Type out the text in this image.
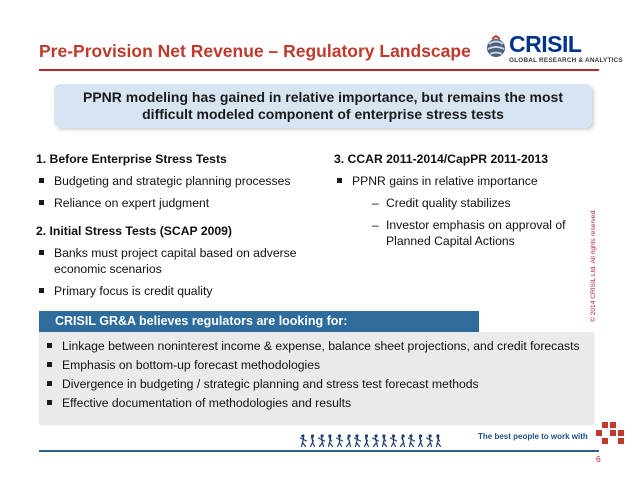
Pre-Provision Net Revenue – Regulatory Landscape CRISIL
GLOBAL RESEARCH & ANALYTICS
PPNR modeling has gained in relative importance, but remains the most difficult modeled component of enterprise stress tests
1. Before Enterprise Stress Tests
Budgeting and strategic planning processes
Reliance on expert judgment
2. Initial Stress Tests (SCAP 2009)
Banks must project capital based on adverse economic scenarios
Primary focus is credit quality
3. CCAR 2011-2014/CapPR 2011-2013
PPNR gains in relative importance
– Credit quality stabilizes
– Investor emphasis on approval of Planned Capital Actions	© 2014 CRISIL Ltd. All rights reserved.
CRISIL GR&A believes regulators are looking for:
Linkage between noninterest income & expense, balance sheet projections, and credit forecasts
Emphasis on bottom-up forecast methodologies
Divergence in budgeting / strategic planning and stress test forecast methods
Effective documentation of methodologies and results
The best people to work with
6
